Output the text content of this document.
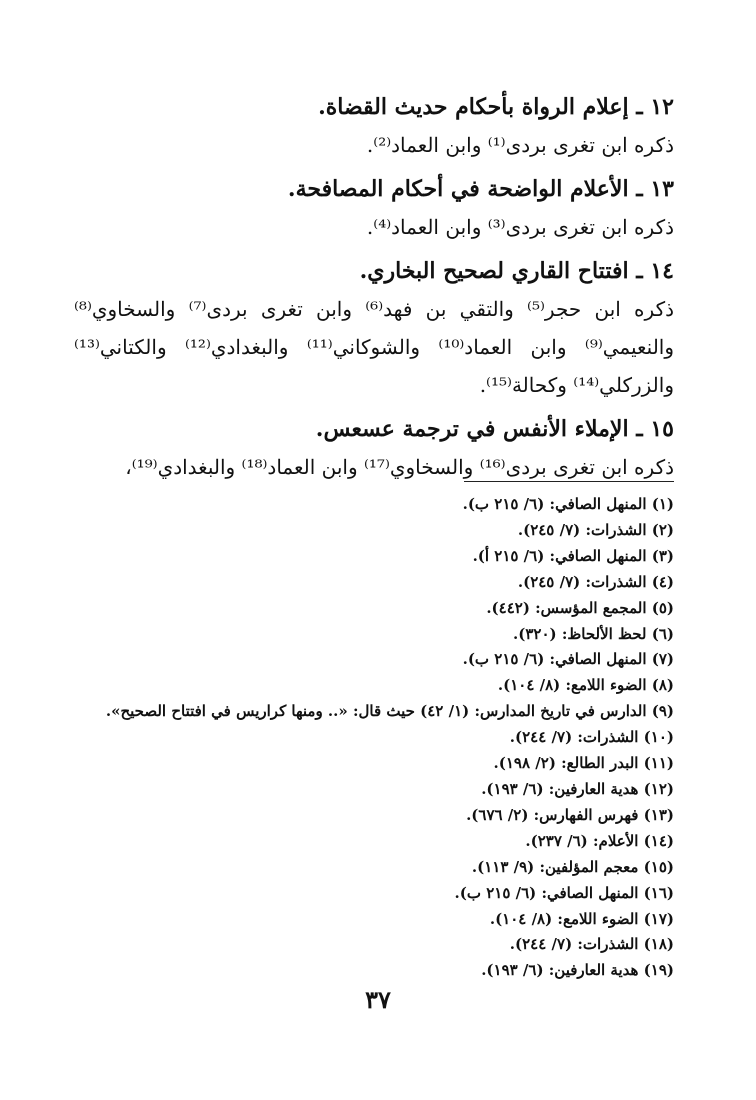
١٢ ـ إعلام الرواة بأحكام حديث القضاة.
ذكره ابن تغرى بردى⁽¹⁾ وابن العماد⁽²⁾.
١٣ ـ الأعلام الواضحة في أحكام المصافحة.
ذكره ابن تغرى بردى⁽³⁾ وابن العماد⁽⁴⁾.
١٤ ـ افتتاح القاري لصحيح البخاري.
ذكره ابن حجر⁽⁵⁾ والتقي بن فهد⁽⁶⁾ وابن تغرى بردى⁽⁷⁾ والسخاوي⁽⁸⁾
والنعيمي⁽⁹⁾ وابن العماد⁽¹⁰⁾ والشوكاني⁽¹¹⁾ والبغدادي⁽¹²⁾ والكتاني⁽¹³⁾
والزركلي⁽¹⁴⁾ وكحالة⁽¹⁵⁾.
١٥ ـ الإملاء الأنفس في ترجمة عسعس.
ذكره ابن تغرى بردى⁽¹⁶⁾ والسخاوي⁽¹⁷⁾ وابن العماد⁽¹⁸⁾ والبغدادي⁽¹⁹⁾،
(١) المنهل الصافي: (٦/ ٢١٥ ب).
(٢) الشذرات: (٧/ ٢٤٥).
(٣) المنهل الصافي: (٦/ ٢١٥ أ).
(٤) الشذرات: (٧/ ٢٤٥).
(٥) المجمع المؤسس: (٤٤٢).
(٦) لحظ الألحاظ: (٣٢٠).
(٧) المنهل الصافي: (٦/ ٢١٥ ب).
(٨) الضوء اللامع: (٨/ ١٠٤).
(٩) الدارس في تاريخ المدارس: (١/ ٤٢) حيث قال: «.. ومنها كراريس في افتتاح الصحيح».
(١٠) الشذرات: (٧/ ٢٤٤).
(١١) البدر الطالع: (٢/ ١٩٨).
(١٢) هدية العارفين: (٦/ ١٩٣).
(١٣) فهرس الفهارس: (٢/ ٦٧٦).
(١٤) الأعلام: (٦/ ٢٣٧).
(١٥) معجم المؤلفين: (٩/ ١١٣).
(١٦) المنهل الصافي: (٦/ ٢١٥ ب).
(١٧) الضوء اللامع: (٨/ ١٠٤).
(١٨) الشذرات: (٧/ ٢٤٤).
(١٩) هدية العارفين: (٦/ ١٩٣).
٣٧
